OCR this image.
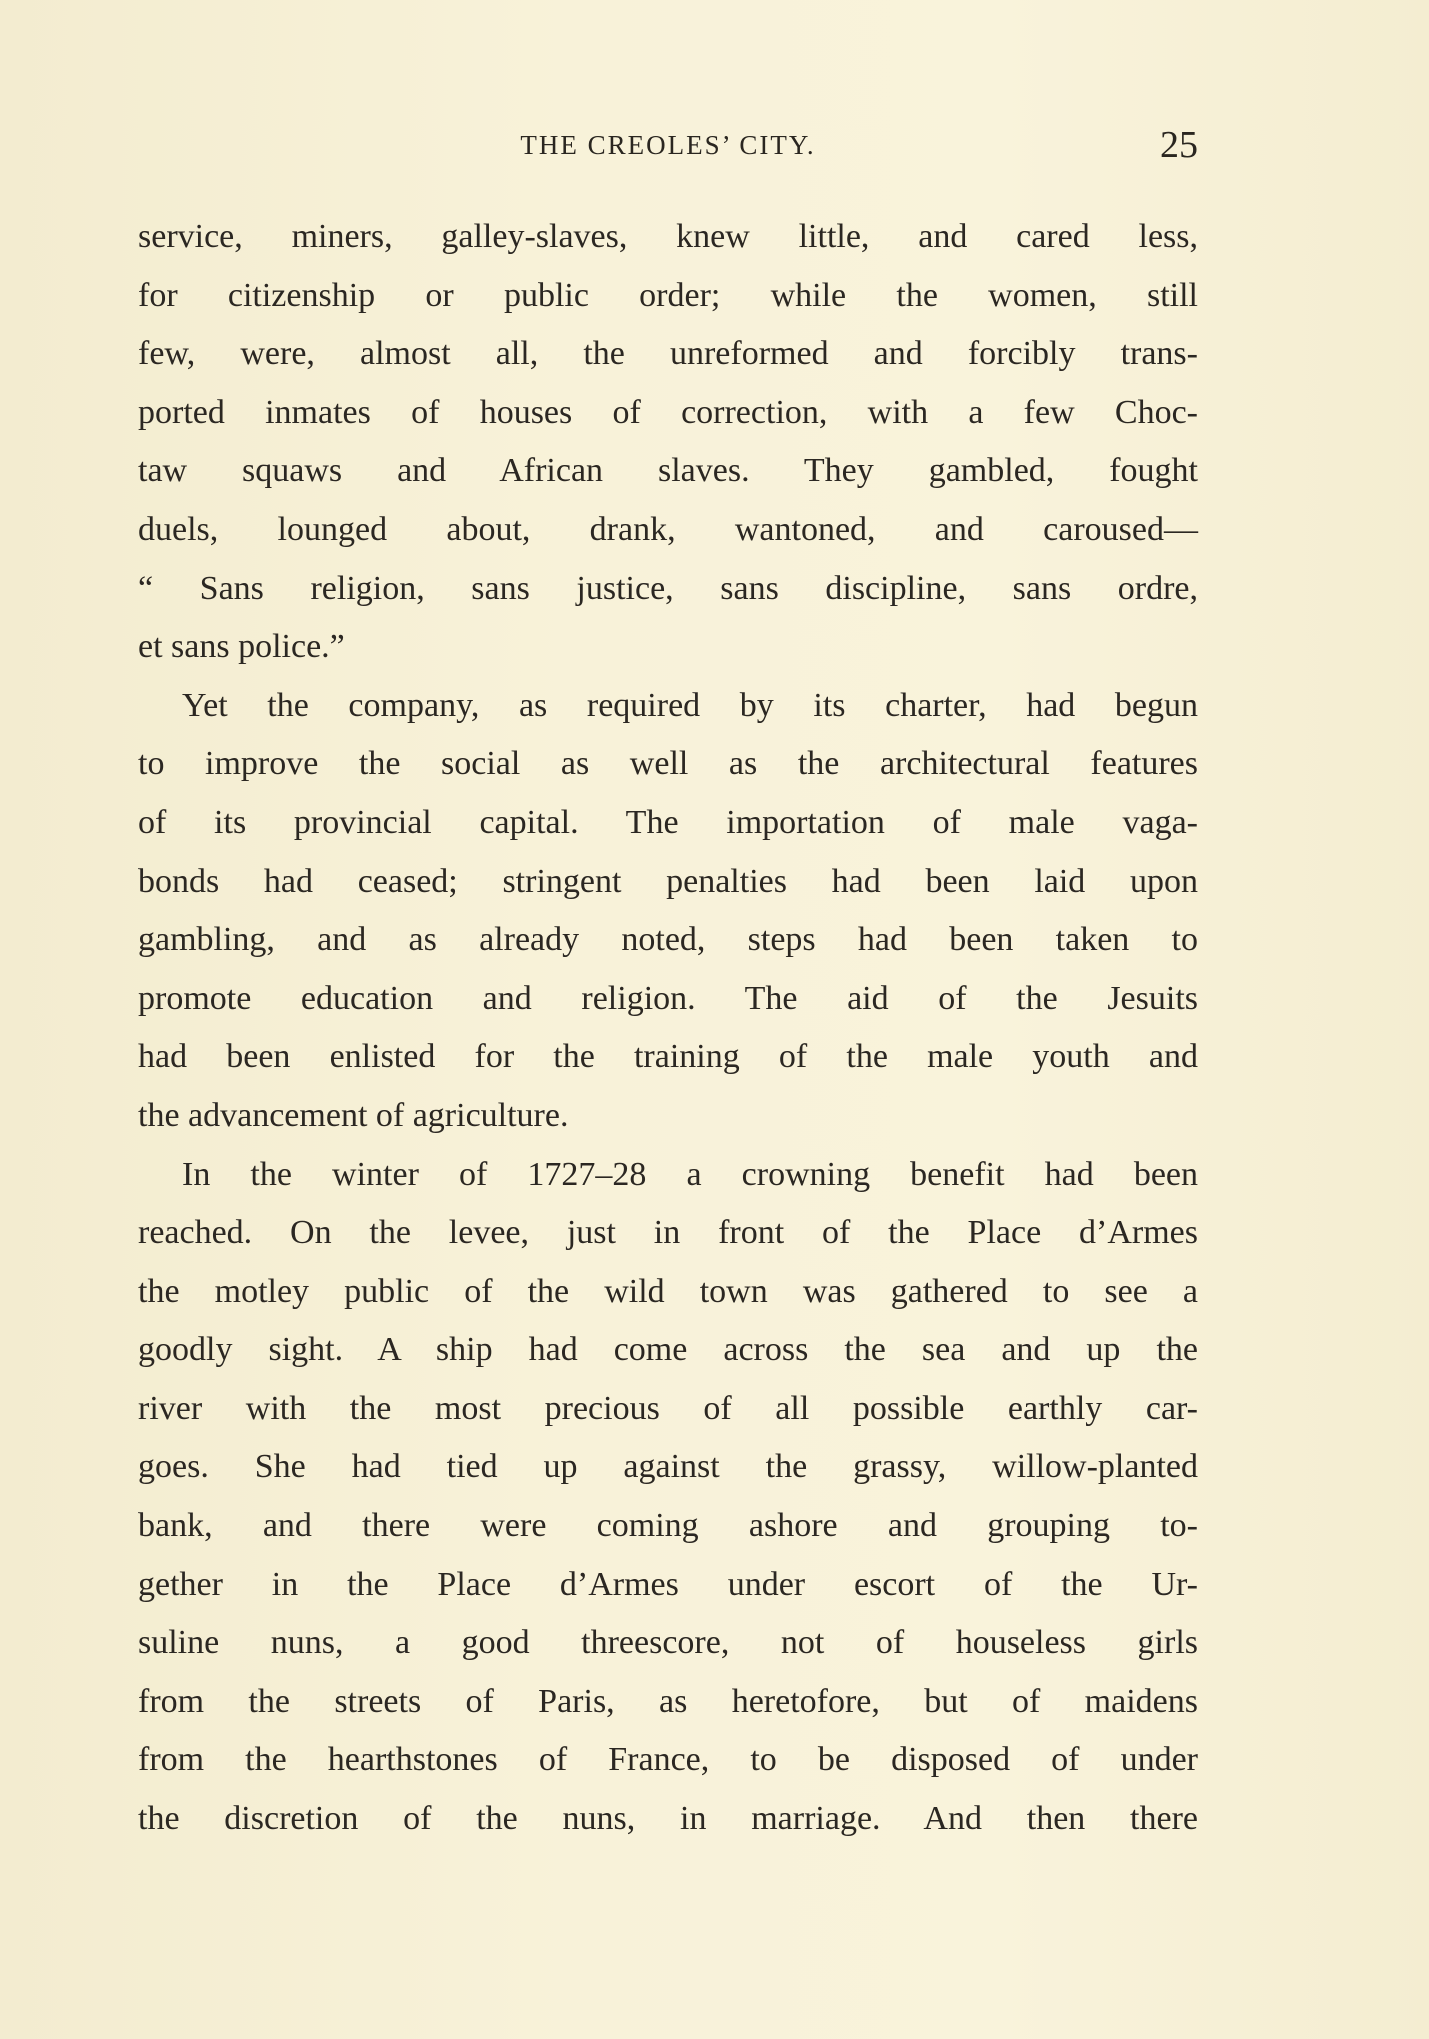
THE CREOLES’ CITY.	25
service, miners, galley-slaves, knew little, and cared less,
for citizenship or public order; while the women, still
few, were, almost all, the unreformed and forcibly trans-
ported inmates of houses of correction, with a few Choc-
taw squaws and African slaves. They gambled, fought
duels, lounged about, drank, wantoned, and caroused—
“ Sans religion, sans justice, sans discipline, sans ordre,
et sans police.”
Yet the company, as required by its charter, had begun
to improve the social as well as the architectural features
of its provincial capital. The importation of male vaga-
bonds had ceased; stringent penalties had been laid upon
gambling, and as already noted, steps had been taken to
promote education and religion. The aid of the Jesuits
had been enlisted for the training of the male youth and
the advancement of agriculture.
In the winter of 1727–28 a crowning benefit had been
reached. On the levee, just in front of the Place d’Armes
the motley public of the wild town was gathered to see a
goodly sight. A ship had come across the sea and up the
river with the most precious of all possible earthly car-
goes. She had tied up against the grassy, willow-planted
bank, and there were coming ashore and grouping to-
gether in the Place d’Armes under escort of the Ur-
suline nuns, a good threescore, not of houseless girls
from the streets of Paris, as heretofore, but of maidens
from the hearthstones of France, to be disposed of under
the discretion of the nuns, in marriage. And then there
